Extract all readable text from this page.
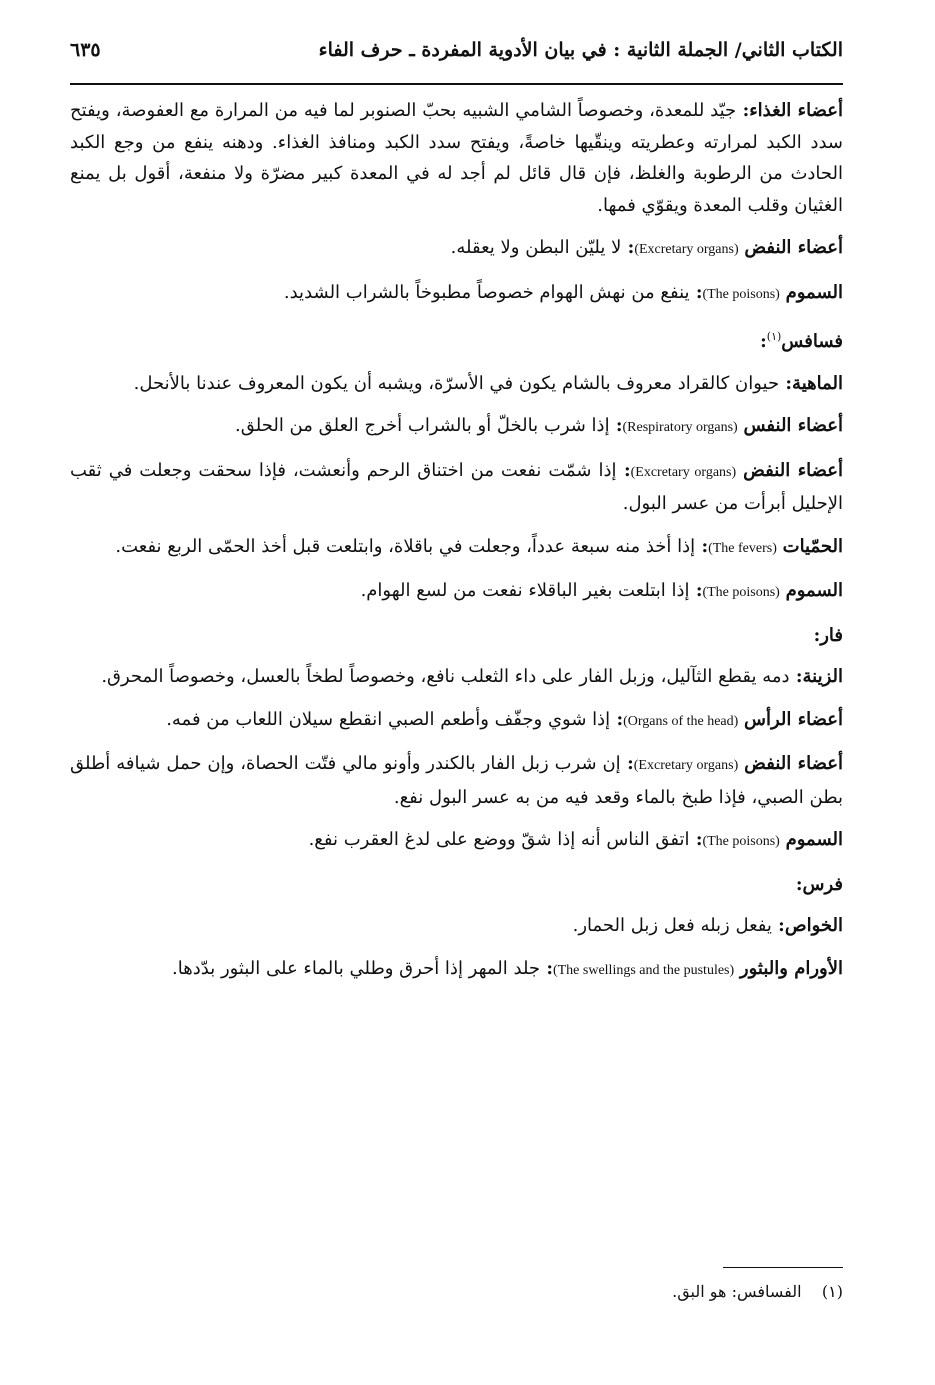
الكتاب الثاني/ الجملة الثانية : في بيان الأدوية المفردة ـ حرف الفاء
٦٣٥

أعضاء الغذاء: جيّد للمعدة، وخصوصاً الشامي الشبيه بحبّ الصنوبر لما فيه من المرارة مع العفوصة، ويفتح سدد الكبد لمرارته وعطريته وينقّيها خاصةً، ويفتح سدد الكبد ومنافذ الغذاء. ودهنه ينفع من وجع الكبد الحادث من الرطوبة والغلظ، فإن قال قائل لم أجد له في المعدة كبير مضرّة ولا منفعة، أقول بل يمنع الغثيان وقلب المعدة ويقوّي فمها.

أعضاء النفض (Excretary organs): لا يليّن البطن ولا يعقله.

السموم (The poisons): ينفع من نهش الهوام خصوصاً مطبوخاً بالشراب الشديد.

فسافس$^{(١)}$:

الماهية: حيوان كالقراد معروف بالشام يكون في الأسرّة، ويشبه أن يكون المعروف عندنا بالأنحل.

أعضاء النفس (Respiratory organs): إذا شرب بالخلّ أو بالشراب أخرج العلق من الحلق.

أعضاء النفض (Excretary organs): إذا شمّت نفعت من اختناق الرحم وأنعشت، فإذا سحقت وجعلت في ثقب الإحليل أبرأت من عسر البول.

الحمّيات (The fevers): إذا أخذ منه سبعة عدداً، وجعلت في باقلاة، وابتلعت قبل أخذ الحمّى الربع نفعت.

السموم (The poisons): إذا ابتلعت بغير الباقلاء نفعت من لسع الهوام.

فار:

الزينة: دمه يقطع الثآليل، وزبل الفار على داء الثعلب نافع، وخصوصاً لطخاً بالعسل، وخصوصاً المحرق.

أعضاء الرأس (Organs of the head): إذا شوي وجفّف وأطعم الصبي انقطع سيلان اللعاب من فمه.

أعضاء النفض (Excretary organs): إن شرب زبل الفار بالكندر وأونو مالي فتّت الحصاة، وإن حمل شيافه أطلق بطن الصبي، فإذا طبخ بالماء وقعد فيه من به عسر البول نفع.

السموم (The poisons): اتفق الناس أنه إذا شقّ ووضع على لدغ العقرب نفع.

فرس:

الخواص: يفعل زبله فعل زبل الحمار.

الأورام والبثور (The swellings and the pustules): جلد المهر إذا أحرق وطلي بالماء على البثور بدّدها.

(١)    الفسافس: هو البق.
